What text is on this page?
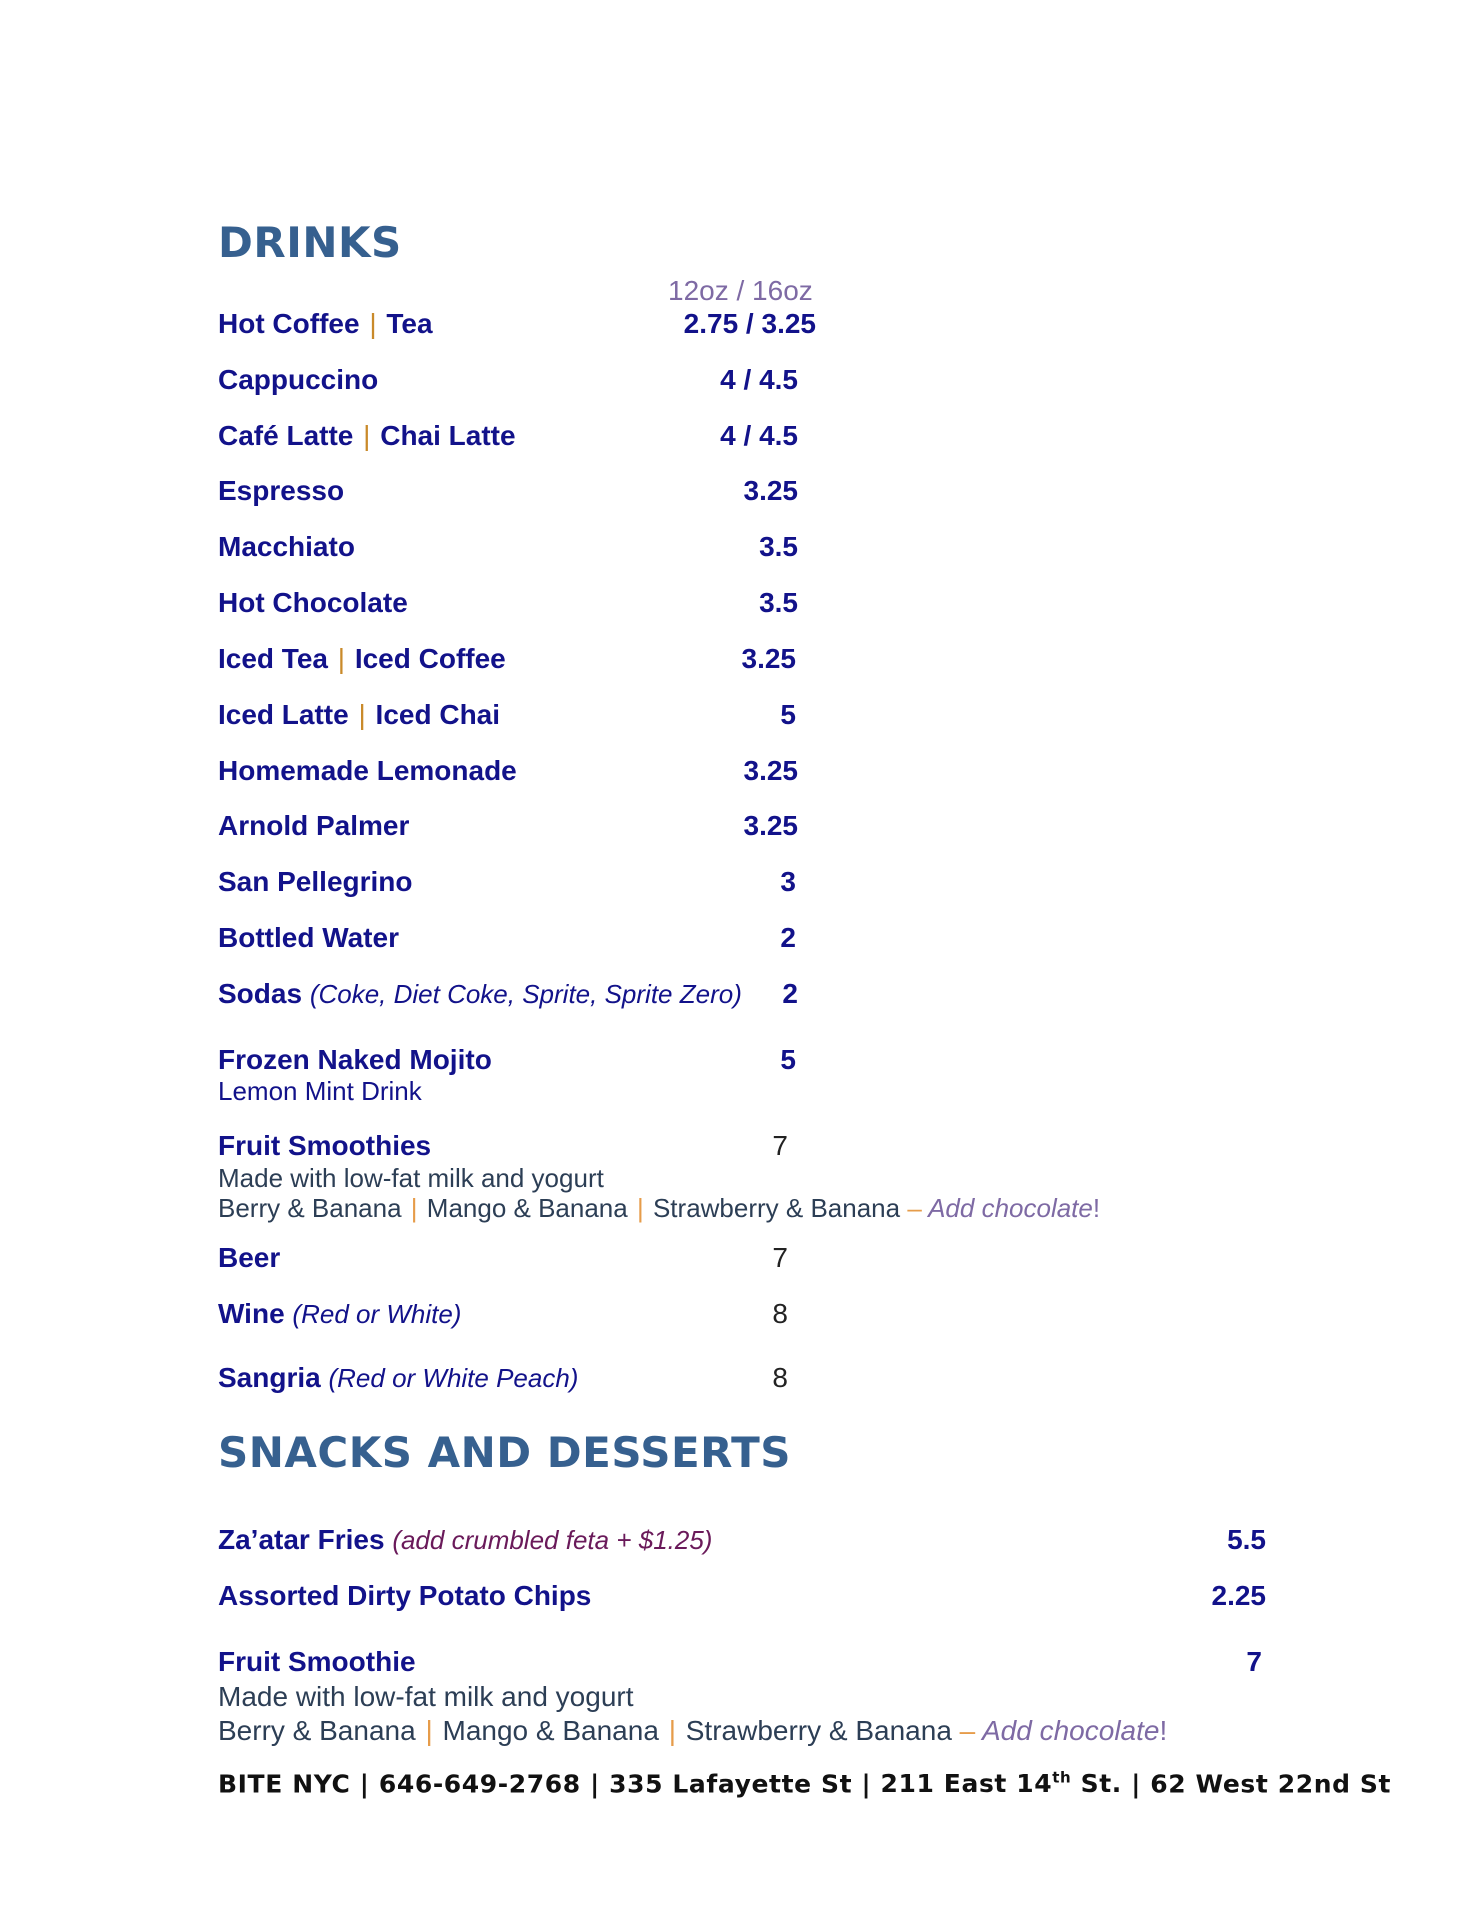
DRINKS
12oz / 16oz
Hot Coffee | Tea	2.75 / 3.25
Cappuccino	4 / 4.5
Café Latte | Chai Latte	4 / 4.5
Espresso	3.25
Macchiato	3.5
Hot Chocolate	3.5
Iced Tea | Iced Coffee	3.25
Iced Latte | Iced Chai	5
Homemade Lemonade	3.25
Arnold Palmer	3.25
San Pellegrino	3
Bottled Water	2
Sodas (Coke, Diet Coke, Sprite, Sprite Zero) 2
Frozen Naked Mojito	5
Lemon Mint Drink
Fruit Smoothies	7
Made with low-fat milk and yogurt
Berry & Banana | Mango & Banana | Strawberry & Banana – Add chocolate!
Beer	7
Wine (Red or White)	8
Sangria (Red or White Peach)	8
SNACKS AND DESSERTS
Za’atar Fries (add crumbled feta + $1.25)	5.5
Assorted Dirty Potato Chips	2.25
Fruit Smoothie	7
Made with low-fat milk and yogurt
Berry & Banana | Mango & Banana | Strawberry & Banana – Add chocolate!
BITE NYC | 646-649-2768 | 335 Lafayette St | 211 East 14th St. | 62 West 22nd St
